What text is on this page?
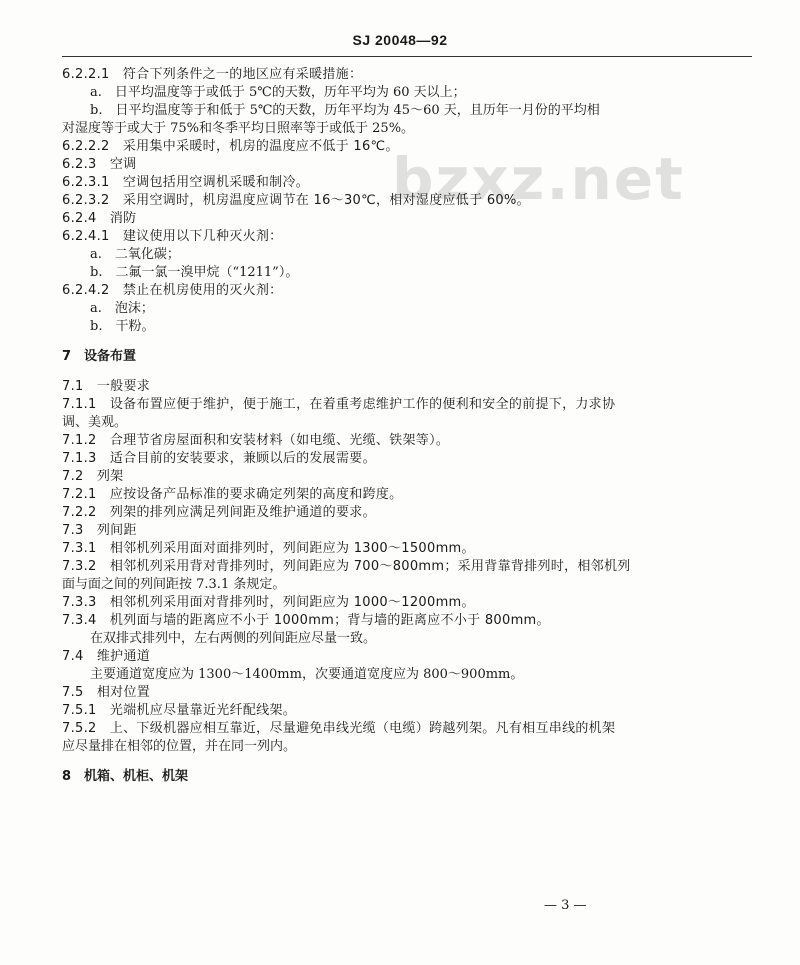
SJ 20048—92
bzxz.net
6.2.2.1　符合下列条件之一的地区应有采暖措施：
a.　日平均温度等于或低于 5℃的天数，历年平均为 60 天以上；
b.　日平均温度等于和低于 5℃的天数，历年平均为 45～60 天，且历年一月份的平均相
对湿度等于或大于 75%和冬季平均日照率等于或低于 25%。
6.2.2.2　采用集中采暖时，机房的温度应不低于 16℃。
6.2.3　空调
6.2.3.1　空调包括用空调机采暖和制冷。
6.2.3.2　采用空调时，机房温度应调节在 16～30℃，相对湿度应低于 60%。
6.2.4　消防
6.2.4.1　建议使用以下几种灭火剂：
a.　二氧化碳；
b.　二氟一氯一溴甲烷（“1211”）。
6.2.4.2　禁止在机房使用的灭火剂：
a.　泡沫；
b.　干粉。
7　设备布置
7.1　一般要求
7.1.1　设备布置应便于维护，便于施工，在着重考虑维护工作的便利和安全的前提下，力求协
调、美观。
7.1.2　合理节省房屋面积和安装材料（如电缆、光缆、铁架等）。
7.1.3　适合目前的安装要求，兼顾以后的发展需要。
7.2　列架
7.2.1　应按设备产品标准的要求确定列架的高度和跨度。
7.2.2　列架的排列应满足列间距及维护通道的要求。
7.3　列间距
7.3.1　相邻机列采用面对面排列时，列间距应为 1300～1500mm。
7.3.2　相邻机列采用背对背排列时，列间距应为 700～800mm；采用背靠背排列时，相邻机列
面与面之间的列间距按 7.3.1 条规定。
7.3.3　相邻机列采用面对背排列时，列间距应为 1000～1200mm。
7.3.4　机列面与墙的距离应不小于 1000mm；背与墙的距离应不小于 800mm。
在双排式排列中，左右两侧的列间距应尽量一致。
7.4　维护通道
主要通道宽度应为 1300～1400mm，次要通道宽度应为 800～900mm。
7.5　相对位置
7.5.1　光端机应尽量靠近光纤配线架。
7.5.2　上、下级机器应相互靠近，尽量避免串线光缆（电缆）跨越列架。凡有相互串线的机架
应尽量排在相邻的位置，并在同一列内。
8　机箱、机柜、机架
— 3 —
